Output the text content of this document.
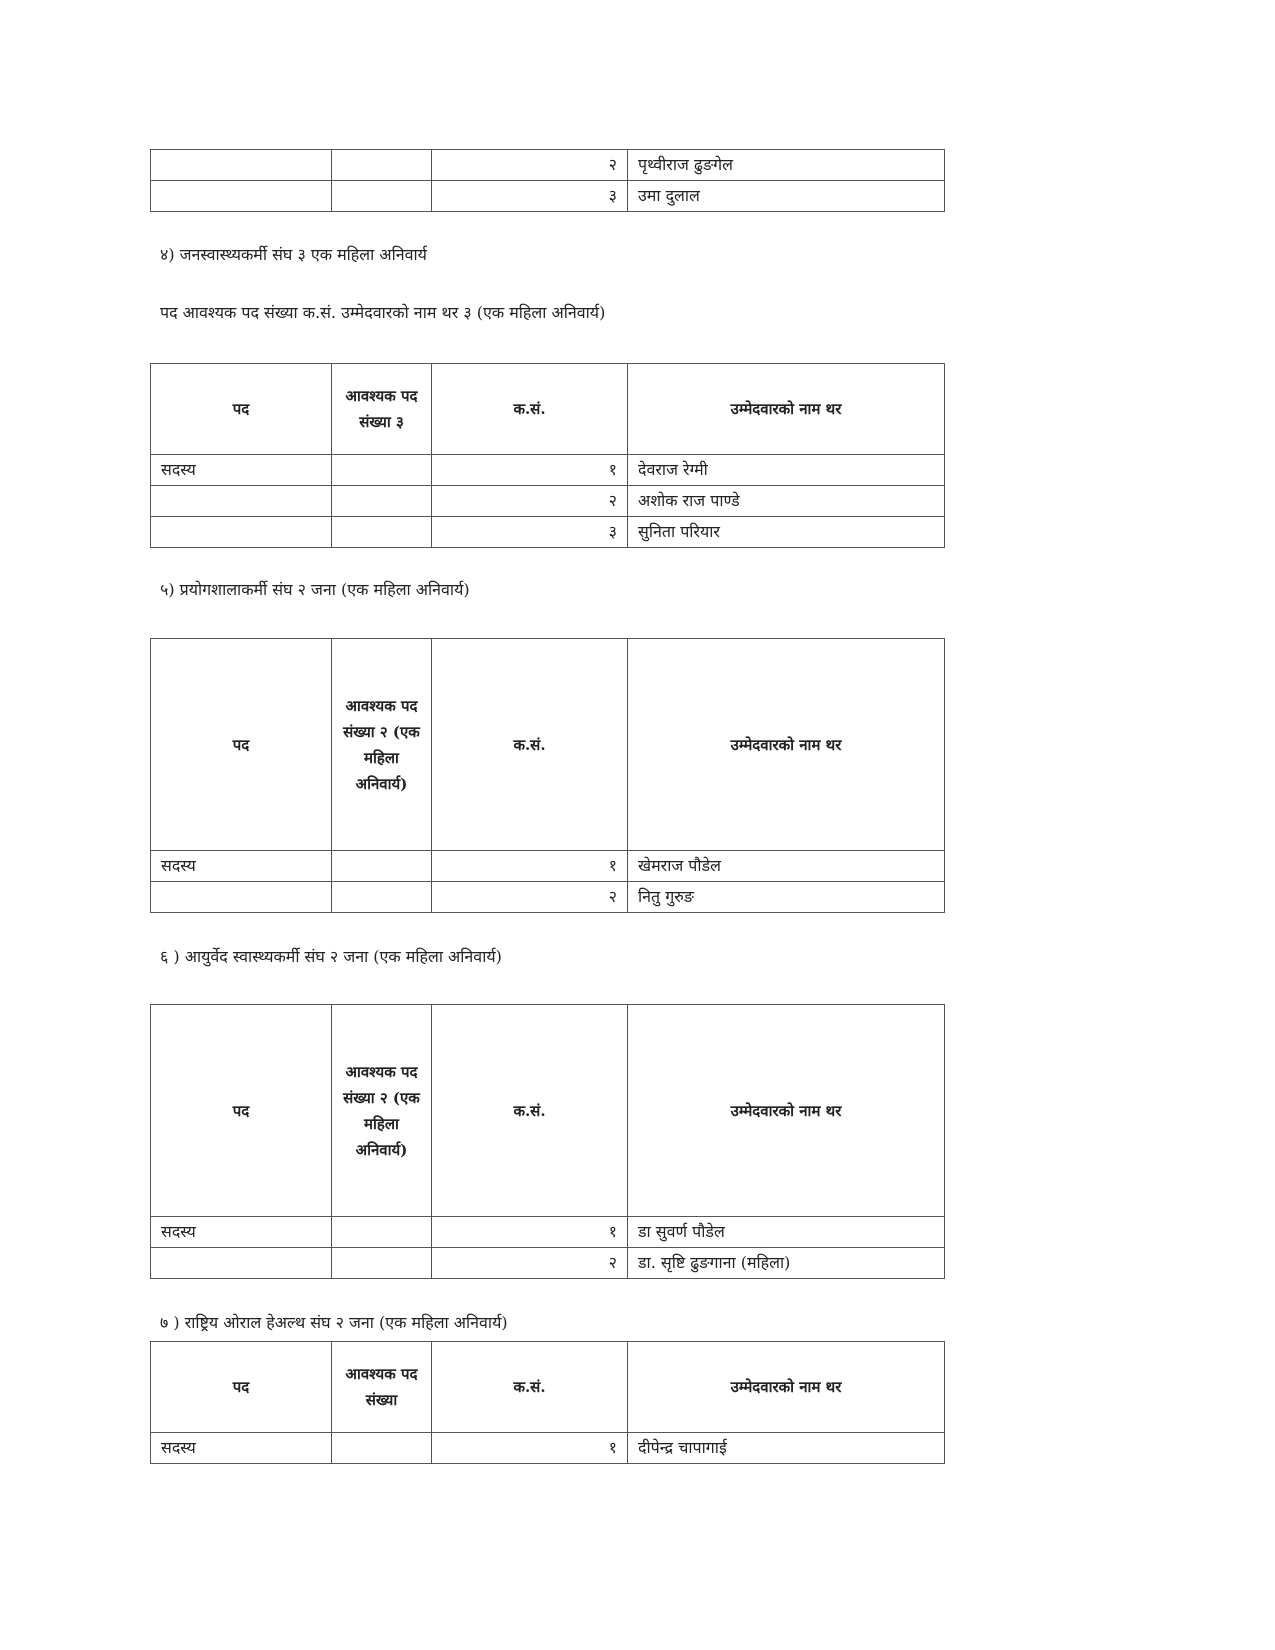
		२	पृथ्वीराज ढुङगेल
		३	उमा दुलाल
४) जनस्वास्थ्यकर्मी संघ ३ एक महिला अनिवार्य
पद आवश्यक पद संख्या क.सं. उम्मेदवारको नाम थर ३ (एक महिला अनिवार्य)
पद	आवश्यक पद संख्या ३	क.सं.	उम्मेदवारको नाम थर
सदस्य		१	देवराज रेग्मी
		२	अशोक राज पाण्डे
		३	सुनिता परियार
५) प्रयोगशालाकर्मी संघ २ जना (एक महिला अनिवार्य)
पद	आवश्यक पद संख्या २ (एक महिला अनिवार्य)	क.सं.	उम्मेदवारको नाम थर
सदस्य		१	खेमराज पौडेल
		२	नितु गुरुङ
६ ) आयुर्वेद स्वास्थ्यकर्मी संघ २ जना (एक महिला अनिवार्य)
पद	आवश्यक पद संख्या २ (एक महिला अनिवार्य)	क.सं.	उम्मेदवारको नाम थर
सदस्य		१	डा सुवर्ण पौडेल
		२	डा. सृष्टि ढुङगाना (महिला)
७ ) राष्ट्रिय ओराल हेअल्थ संघ २ जना (एक महिला अनिवार्य)
पद	आवश्यक पद संख्या	क.सं.	उम्मेदवारको नाम थर
सदस्य		१	दीपेन्द्र चापागाई
